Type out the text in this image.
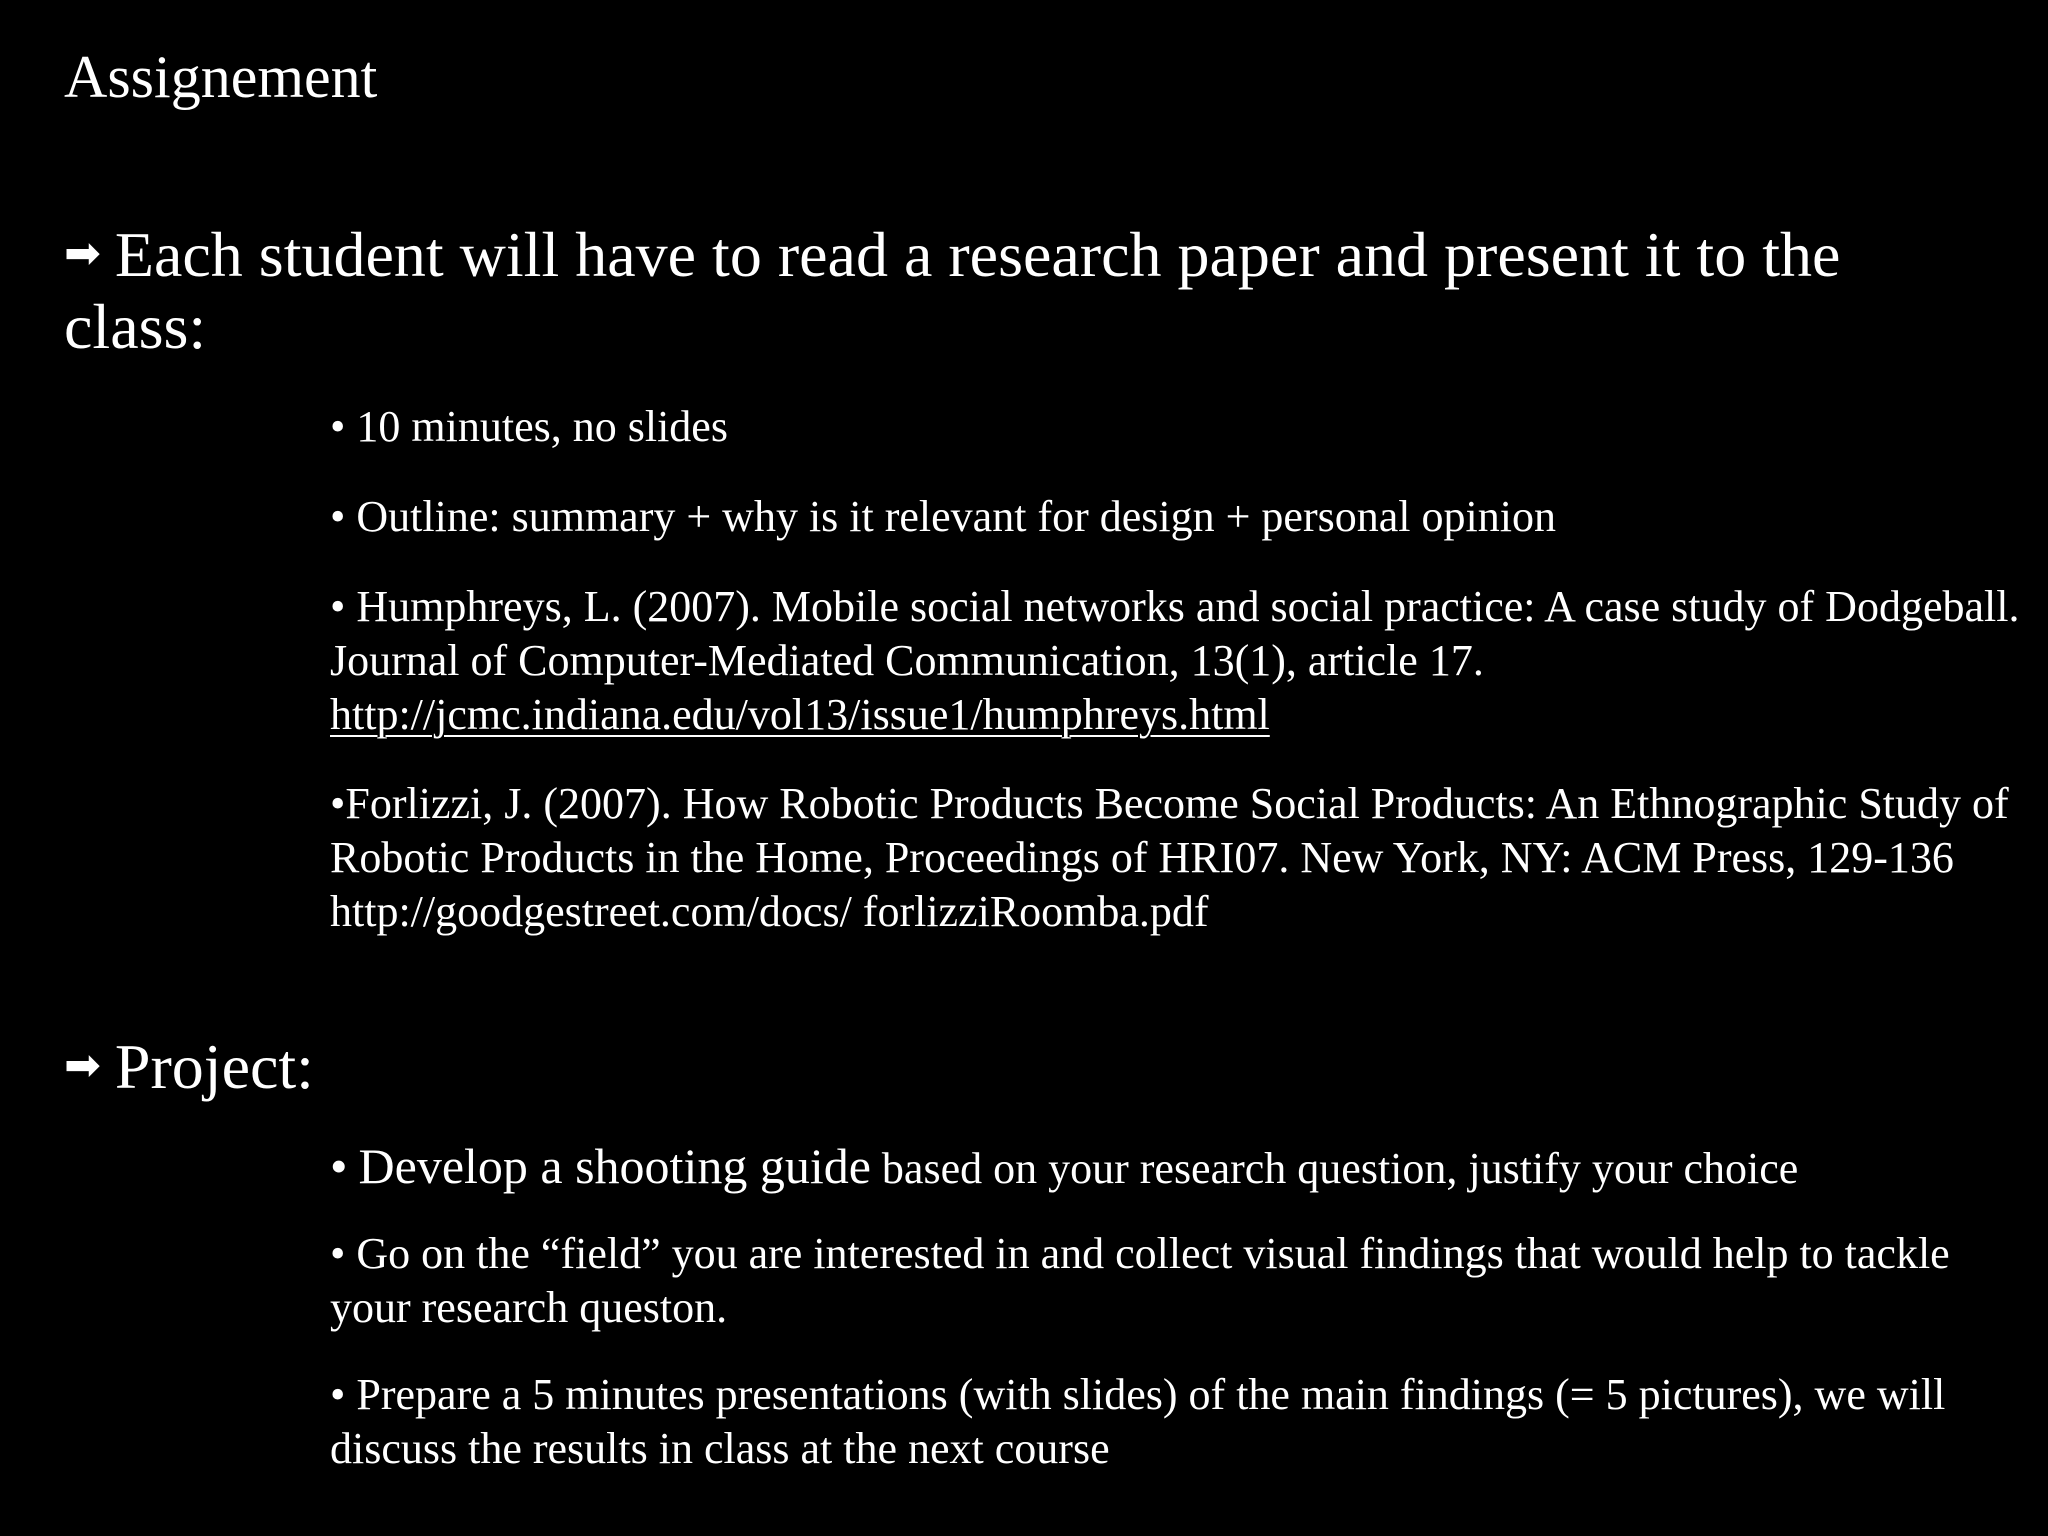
Assignement
➡ Each student will have to read a research paper and present it to the class:
• 10 minutes, no slides
• Outline: summary + why is it relevant for design + personal opinion
• Humphreys, L. (2007). Mobile social networks and social practice: A case study of Dodgeball. Journal of Computer-Mediated Communication, 13(1), article 17. http://jcmc.indiana.edu/vol13/issue1/humphreys.html
•Forlizzi, J. (2007). How Robotic Products Become Social Products: An Ethnographic Study of Robotic Products in the Home, Proceedings of HRI07. New York, NY: ACM Press, 129-136 http://goodgestreet.com/docs/ forlizziRoomba.pdf
➡ Project:
• Develop a shooting guide based on your research question, justify your choice
• Go on the “field” you are interested in and collect visual findings that would help to tackle your research queston.
• Prepare a 5 minutes presentations (with slides) of the main findings (= 5 pictures), we will discuss the results in class at the next course
